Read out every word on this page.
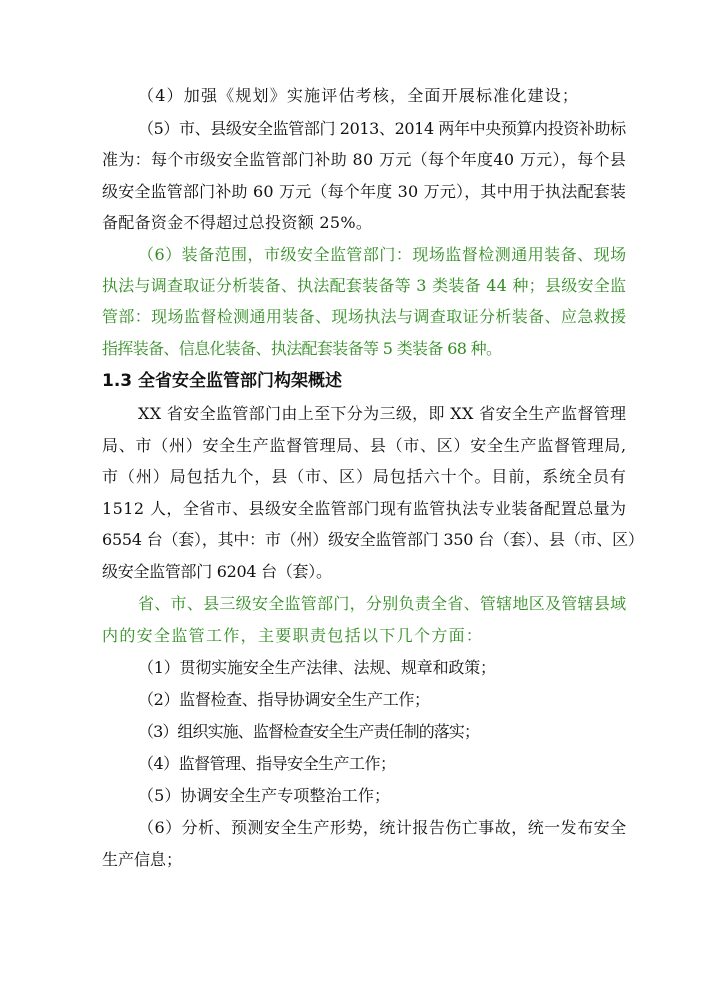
（4）加强《规划》实施评估考核，全面开展标准化建设；
（5）市、县级安全监管部门 2013、2014 两年中央预算内投资补助标
准为：每个市级安全监管部门补助 80 万元（每个年度40 万元），每个县
级安全监管部门补助 60 万元（每个年度 30 万元），其中用于执法配套装
备配备资金不得超过总投资额 25%。
（6）装备范围，市级安全监管部门：现场监督检测通用装备、现场
执法与调查取证分析装备、执法配套装备等 3 类装备 44 种；县级安全监
管部：现场监督检测通用装备、现场执法与调查取证分析装备、应急救援
指挥装备、信息化装备、执法配套装备等 5 类装备 68 种。
1.3 全省安全监管部门构架概述
XX 省安全监管部门由上至下分为三级，即 XX 省安全生产监督管理
局、市（州）安全生产监督管理局、县（市、区）安全生产监督管理局,
市（州）局包括九个，县（市、区）局包括六十个。目前，系统全员有
1512 人，全省市、县级安全监管部门现有监管执法专业装备配置总量为
6554 台（套），其中：市（州）级安全监管部门 350 台（套）、县（市、区）
级安全监管部门 6204 台（套）。
省、市、县三级安全监管部门，分别负责全省、管辖地区及管辖县域
内的安全监管工作，主要职责包括以下几个方面：
（1）贯彻实施安全生产法律、法规、规章和政策；
（2）监督检查、指导协调安全生产工作；
（3）组织实施、监督检查安全生产责任制的落实；
（4）监督管理、指导安全生产工作；
（5）协调安全生产专项整治工作；
（6）分析、预测安全生产形势，统计报告伤亡事故，统一发布安全
生产信息；
